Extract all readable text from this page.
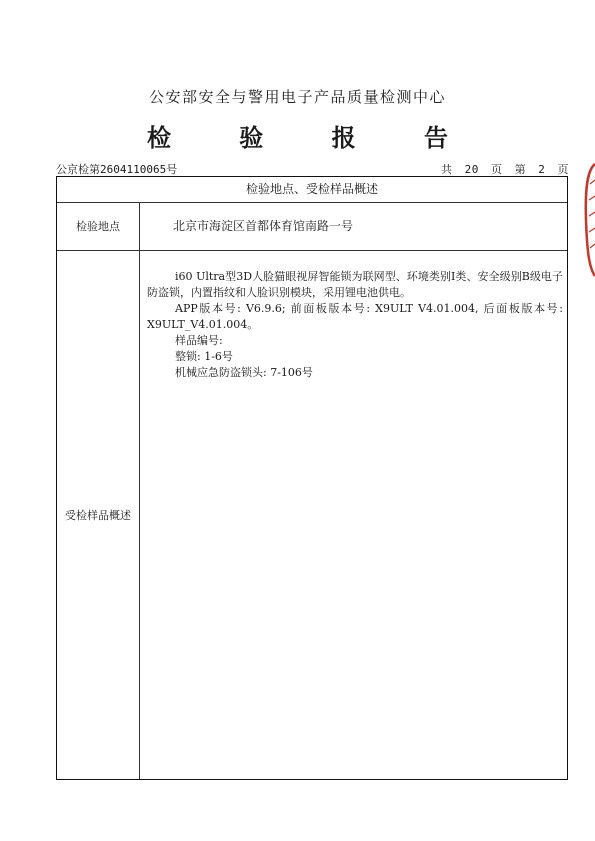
公安部安全与警用电子产品质量检测中心
检 验 报 告
公京检第2604110065号	共 20 页 第 2 页
检验地点、受检样品概述
检验地点	北京市海淀区首都体育馆南路一号
受检样品概述

i60 Ultra型3D人脸猫眼视屏智能锁为联网型、环境类别I类、安全级别B级电子防盗锁，内置指纹和人脸识别模块，采用锂电池供电。

APP版本号: V6.9.6; 前面板版本号: X9ULT V4.01.004, 后面板版本号: X9ULT_V4.01.004。

样品编号:

整锁: 1-6号

机械应急防盗锁头: 7-106号
